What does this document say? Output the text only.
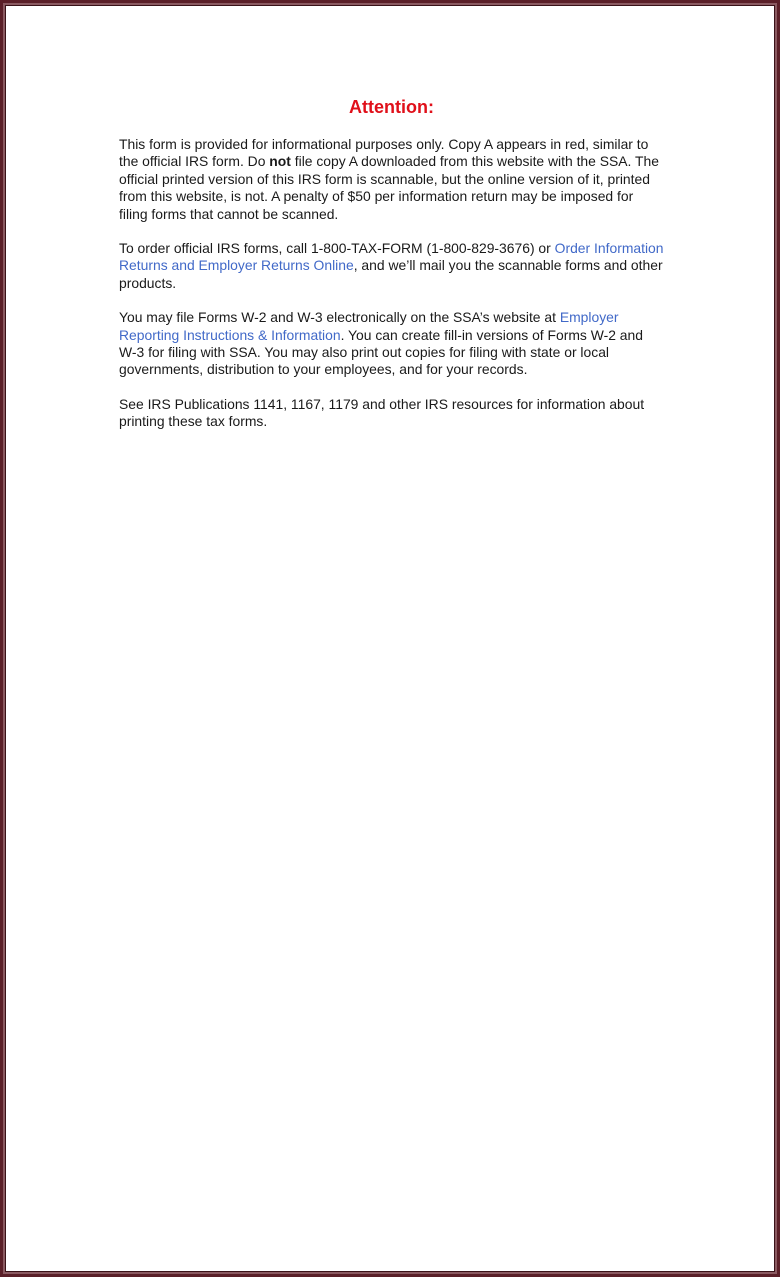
Attention:

This form is provided for informational purposes only. Copy A appears in red, similar to the official IRS form. Do not file copy A downloaded from this website with the SSA. The official printed version of this IRS form is scannable, but the online version of it, printed from this website, is not. A penalty of $50 per information return may be imposed for filing forms that cannot be scanned.

To order official IRS forms, call 1-800-TAX-FORM (1-800-829-3676) or Order Information Returns and Employer Returns Online, and we’ll mail you the scannable forms and other products.

You may file Forms W-2 and W-3 electronically on the SSA’s website at Employer Reporting Instructions & Information. You can create fill-in versions of Forms W-2 and W-3 for filing with SSA. You may also print out copies for filing with state or local governments, distribution to your employees, and for your records.

See IRS Publications 1141, 1167, 1179 and other IRS resources for information about printing these tax forms.
